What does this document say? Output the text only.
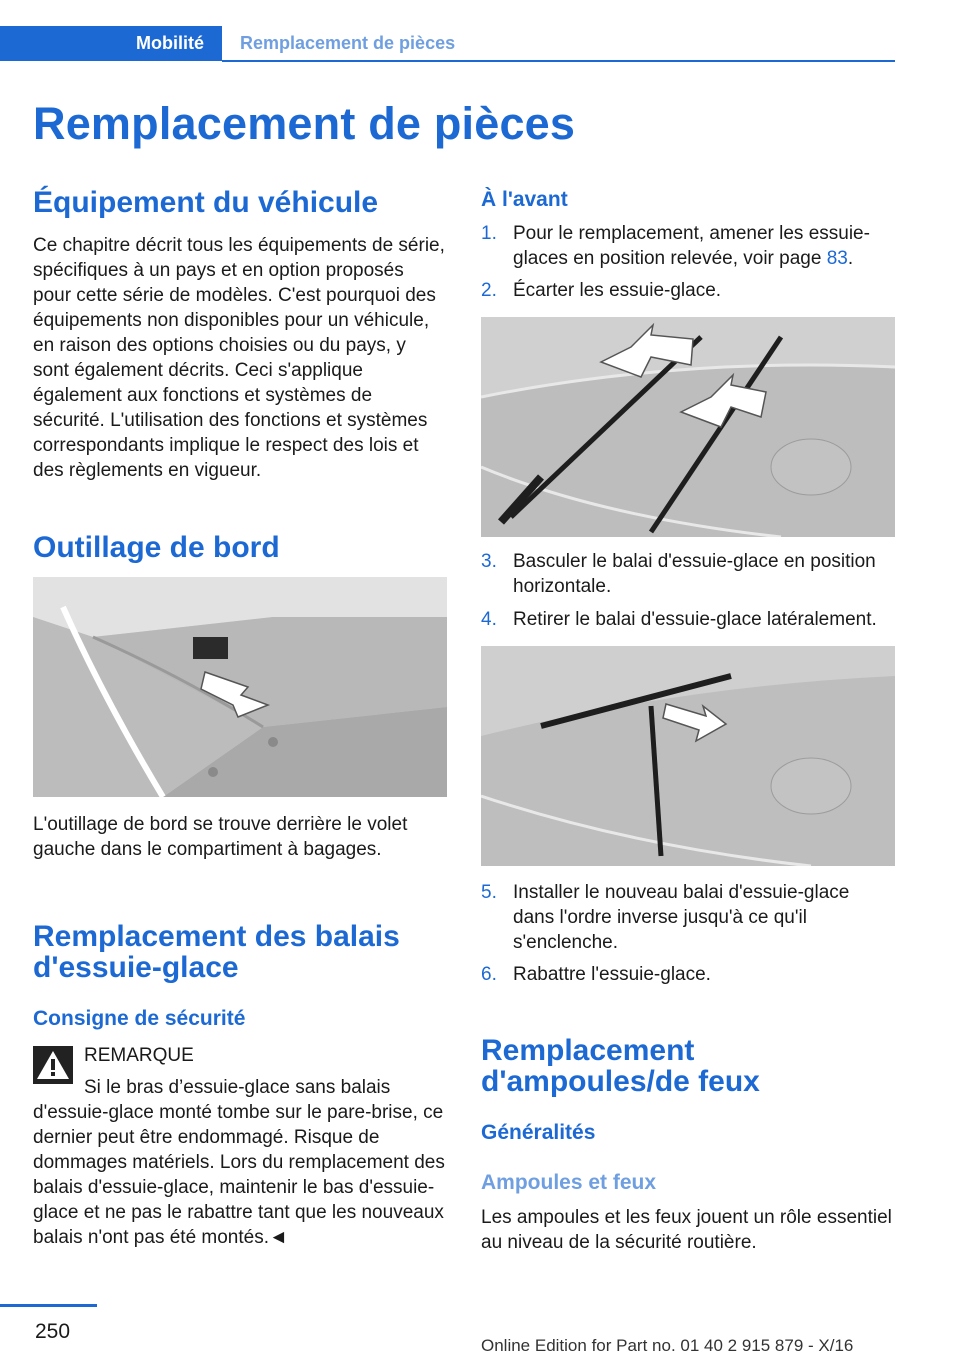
Mobilité	Remplacement de pièces
Remplacement de pièces
Équipement du véhicule
Ce chapitre décrit tous les équipements de série, spécifiques à un pays et en option proposés pour cette série de modèles. C'est pourquoi des équipements non disponibles pour un véhicule, en raison des options choisies ou du pays, y sont également décrits. Ceci s'applique également aux fonctions et systèmes de sécurité. L'utilisation des fonctions et systèmes correspondants implique le respect des lois et des règlements en vigueur.
Outillage de bord
L'outillage de bord se trouve derrière le volet gauche dans le compartiment à bagages.
Remplacement des balais d'essuie-glace
Consigne de sécurité
REMARQUE
Si le bras d’essuie-glace sans balais d'essuie-glace monté tombe sur le pare-brise, ce dernier peut être endommagé. Risque de dommages matériels. Lors du remplacement des balais d'essuie-glace, maintenir le bas d'essuie-glace et ne pas le rabattre tant que les nouveaux balais n'ont pas été montés.◄
À l'avant
1. Pour le remplacement, amener les essuie-glaces en position relevée, voir page 83.
2. Écarter les essuie-glace.
3. Basculer le balai d'essuie-glace en position horizontale.
4. Retirer le balai d'essuie-glace latéralement.
5. Installer le nouveau balai d'essuie-glace dans l'ordre inverse jusqu'à ce qu'il s'enclenche.
6. Rabattre l'essuie-glace.
Remplacement d'ampoules/de feux
Généralités
Ampoules et feux
Les ampoules et les feux jouent un rôle essentiel au niveau de la sécurité routière.
250
Online Edition for Part no. 01 40 2 915 879 - X/16
